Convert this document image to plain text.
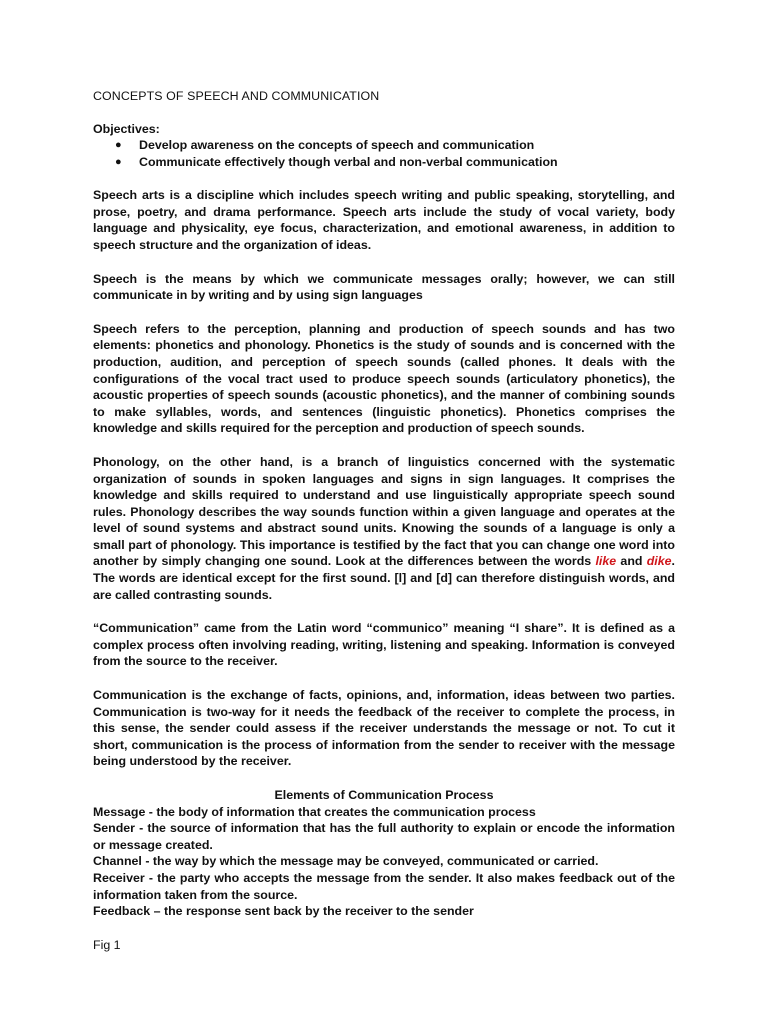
CONCEPTS OF SPEECH AND COMMUNICATION
Objectives:
● Develop awareness on the concepts of speech and communication
● Communicate effectively though verbal and non-verbal communication

Speech arts is a discipline which includes speech writing and public speaking, storytelling, and prose, poetry, and drama performance. Speech arts include the study of vocal variety, body language and physicality, eye focus, characterization, and emotional awareness, in addition to speech structure and the organization of ideas.

Speech is the means by which we communicate messages orally; however, we can still communicate in by writing and by using sign languages

Speech refers to the perception, planning and production of speech sounds and has two elements: phonetics and phonology. Phonetics is the study of sounds and is concerned with the production, audition, and perception of speech sounds (called phones. It deals with the configurations of the vocal tract used to produce speech sounds (articulatory phonetics), the acoustic properties of speech sounds (acoustic phonetics), and the manner of combining sounds to make syllables, words, and sentences (linguistic phonetics). Phonetics comprises the knowledge and skills required for the perception and production of speech sounds.

Phonology, on the other hand, is a branch of linguistics concerned with the systematic organization of sounds in spoken languages and signs in sign languages. It comprises the knowledge and skills required to understand and use linguistically appropriate speech sound rules. Phonology describes the way sounds function within a given language and operates at the level of sound systems and abstract sound units. Knowing the sounds of a language is only a small part of phonology. This importance is testified by the fact that you can change one word into another by simply changing one sound. Look at the differences between the words like and dike. The words are identical except for the first sound. [l] and [d] can therefore distinguish words, and are called contrasting sounds.

“Communication” came from the Latin word “communico” meaning “I share”. It is defined as a complex process often involving reading, writing, listening and speaking. Information is conveyed from the source to the receiver.

Communication is the exchange of facts, opinions, and, information, ideas between two parties. Communication is two-way for it needs the feedback of the receiver to complete the process, in this sense, the sender could assess if the receiver understands the message or not. To cut it short, communication is the process of information from the sender to receiver with the message being understood by the receiver.

Elements of Communication Process
Message - the body of information that creates the communication process
Sender - the source of information that has the full authority to explain or encode the information or message created.
Channel - the way by which the message may be conveyed, communicated or carried.
Receiver - the party who accepts the message from the sender. It also makes feedback out of the information taken from the source.
Feedback – the response sent back by the receiver to the sender
Fig 1
